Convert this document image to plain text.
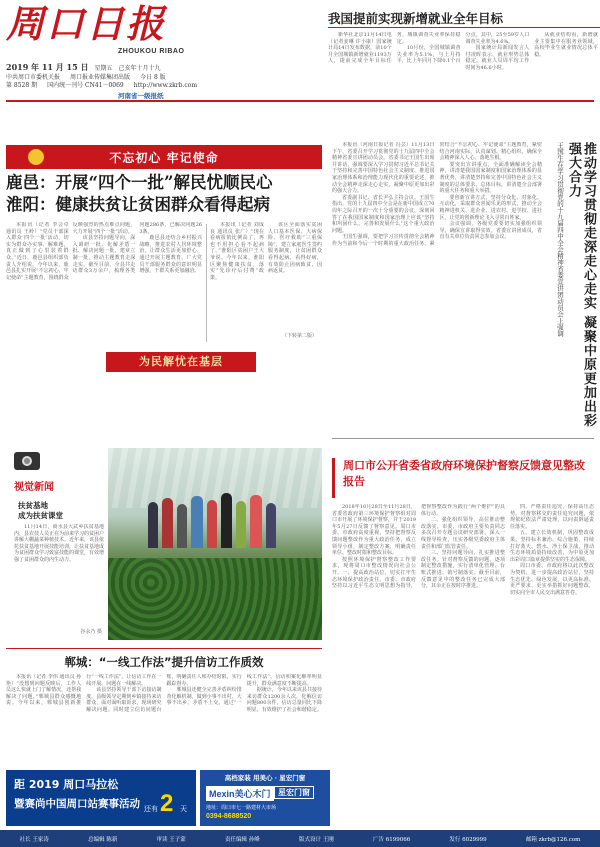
周口日报
ZHOUKOU RIBAO
我国提前实现新增就业全年目标

新华社北京11月14日电（记者姜琳 许小康）国家统计局14日发布数据，前10个月全国城镇新增就业1193万人，提前完成全年目标任务，城镇调查失业率保持稳定。

10月份，全国城镇调查失业率为5.1%，与上月持平，比上年同月下降0.1个百分点。其中，25至59岁人口调查失业率为4.6%。

国家统计局新闻发言人付凌晖表示，就业形势总体稳定，就业人员周平均工作时间为46.6小时。

从就业结构看，新增就业主要集中在服务业领域，高校毕业生就业情况总体平稳。

2019 年 11 月 15 日 星期五 己亥年十月十九
中共周口市委机关报 周口报业传媒集团出版 今日 8 版
第 8528 期 国内统一刊号 CN41－0069 http://www.zkrb.com
河南省一级报纸
不忘初心 牢记使命
鹿邑：开展“四个一批”解民忧顺民心
淮阳：健康扶贫让贫困群众看得起病

本报讯（记者 李会卓 通讯员 王岭）“党员干部深入群众‘四个一批’活动，切实为群众办实事、解难题，真正做到了心里装着群众。”近日，鹿邑县组织部负责人介绍说。今年以来，鹿邑县扎实开展“不忘初心、牢记使命”主题教育，围绕群众反映强烈的热点难点问题，大力开展“四个一批”活动。

该县坚持问题导向，深入调研一批、化解矛盾一批、解决问题一批、建章立制一批，推动主题教育走深走实。截至目前，全县共走访群众3万余户，梳理各类问题286条，已解决问题263条。

鹿邑县还结合乡村振兴战略，推进农村人居环境整治，让群众生活更加舒心。通过开展主题教育，广大党员干部服务群众的意识明显增强，干群关系更加融洽。

本报讯（记者 刘成良 通讯员 张广）“现在看病报销比例高了，再也不用担心看不起病了。”淮阳区贫困户王大爷说。今年以来，淮阳区聚焦健康扶贫，落实“先诊疗后付费”政策。

该区全面落实贫困人口基本医保、大病保险、医疗救助“三重保障”，建立家庭医生签约服务制度，让贫困群众看得起病、看得好病，有效防止因病致贫、因病返贫。

（下转第二版）
为民解忧在基层	推动学习贯彻走深走心走实 凝聚中原更加出彩强大合力
王国生在学习贯彻党的十九届四中全会精神省委宣讲团动员会上强调

本报讯（河南日报记者 冯芸）11月13日下午，省委召开学习贯彻党的十九届四中全会精神省委宣讲团动员会。省委书记王国生出席并讲话，强调要深入学习贯彻习近平总书记关于坚持和完善中国特色社会主义制度、推进国家治理体系和治理能力现代化的重要论述，推动全会精神走深走心走实，凝聚中原更加出彩的强大合力。

省委副书记、省长尹弘主持会议。王国生指出，党的十九届四中全会是在新中国成立70周年之际召开的一次十分重要的会议，深刻回答了在我国国家制度和国家治理上应该“坚持和巩固什么、完善和发展什么”这个重大政治问题。

王国生强调，要把学习宣传贯彻全会精神作为当前和今后一个时期的重大政治任务，紧密结合“不忘初心、牢记使命”主题教育，紧密结合河南实际，认真谋划、精心组织，确保全会精神深入人心、落地生根。

要突出宣讲重点，全面准确解读全会精神，讲清楚我国国家制度和国家治理体系的显著优势，讲清楚坚持和完善中国特色社会主义制度的总体要求、总体目标，讲清楚全会部署的重大任务和重大举措。

要创新宣讲方式，坚持分众化、对象化、互动化，采取群众喜闻乐见的形式，推动全会精神进机关、进企业、进农村、进学校、进社区，让党的创新理论飞入寻常百姓家。

会议强调，各级党委要切实加强组织领导，确保宣讲取得实效。省委宣讲团成员，省直有关单位负责同志参加会议。

视觉新闻
扶贫基地
成为扶贫课堂

11月14日，商水县大武乡扶贫基地内，县农技人员正在为前来学习的贫困户讲解大棚蔬菜种植技术。近年来，该县依托扶贫基地开展技能培训，让扶贫基地成为贫困群众学习致富技能的课堂，有效增强了贫困群众的内生动力。

谷永乃 摄
周口市公开省委省政府环境保护督察反馈意见整改报告

2018年10月28日至11月28日，省委省政府第三环境保护督察组对周口市开展了环境保护督察，并于2019年5月27日反馈了督察意见。周口市委、市政府高度重视，坚持把督察反馈问题整改作为重大政治任务，成立领导小组，制定整改方案，明确责任单位、整改时限和整改目标。

按照环境保护督察整改工作要求，现将周口市整改情况向社会公开。一、提高政治站位，切实扛牢生态环境保护政治责任。市委、市政府坚持以习近平生态文明思想为指导，把督察整改作为践行“两个维护”的具体行动。

二、强化组织领导，高位推动整改落实。市委、市政府主要负责同志多次召开专题会议研究部署，深入一线督导检查，压实各级党委政府主体责任和部门监管责任。

三、坚持问题导向，扎实推进整改任务。针对督察反馈的问题，逐项制定整改措施，实行清单化管理、台账式推进、销号制落实。截至目前，反馈意见中的整改任务已完成大部分，其余正在按时序推进。

四、严格责任追究，保持高压态势。对督察移交的责任追究问题，依规依纪依法严肃处理，以问责倒逼责任落实。

五、建立长效机制，巩固整改成果。坚持标本兼治、综合施策，持续打好蓝天、碧水、净土保卫战，推动生态环境质量持续改善，为中原更加出彩周口篇章提供坚实的生态保障。

周口市委、市政府将以此次整改为契机，进一步提高政治站位，坚持生态优先、绿色发展，以更高标准、更严要求、更实举措抓好问题整改，切实向全市人民交出满意答卷。

郸城：“一线工作法”提升信访工作质效

本报讯（记者 李伟 通讯员 孙艳）“没想到问题反映后，工作人员这么快就上门了解情况，还帮我解决了问题。”郸城县群众感慨地说。今年以来，郸城县创新推行“一线工作法”，让信访工作在一线开展、问题在一线解决。

该县坚持领导干部下访接访制度，县级领导定期到乡镇接待来访群众，面对面听取诉求，现场研究解决问题。同时建立信访问题台账，明确责任人和办结时限，实行跟踪督办。

郸城县还健全完善矛盾纠纷排查化解机制，做到小事不出村、大事不出乡、矛盾不上交。通过“一线工作法”，信访积案化解率明显提升，群众满意度不断提高。

据统计，今年以来该县共接待来访群众1200余人次，化解信访问题800余件，信访总量同比下降明显，有效维护了社会和谐稳定。

距 2019 周口马拉松
暨赛尚中国周口站赛事活动 还有 2 天
高档家装 用美心 · 星宏门窗
Mexin美心木门 星宏门窗
地址：周口市七一路建材大市场
0394-8688520
社长 王家涛	总编辑 陈新	审读 王子蒙	责任编辑 孙峰	版式设计 王刚	广告 6199066	发行 6029999	邮箱 zkrb@126.com
